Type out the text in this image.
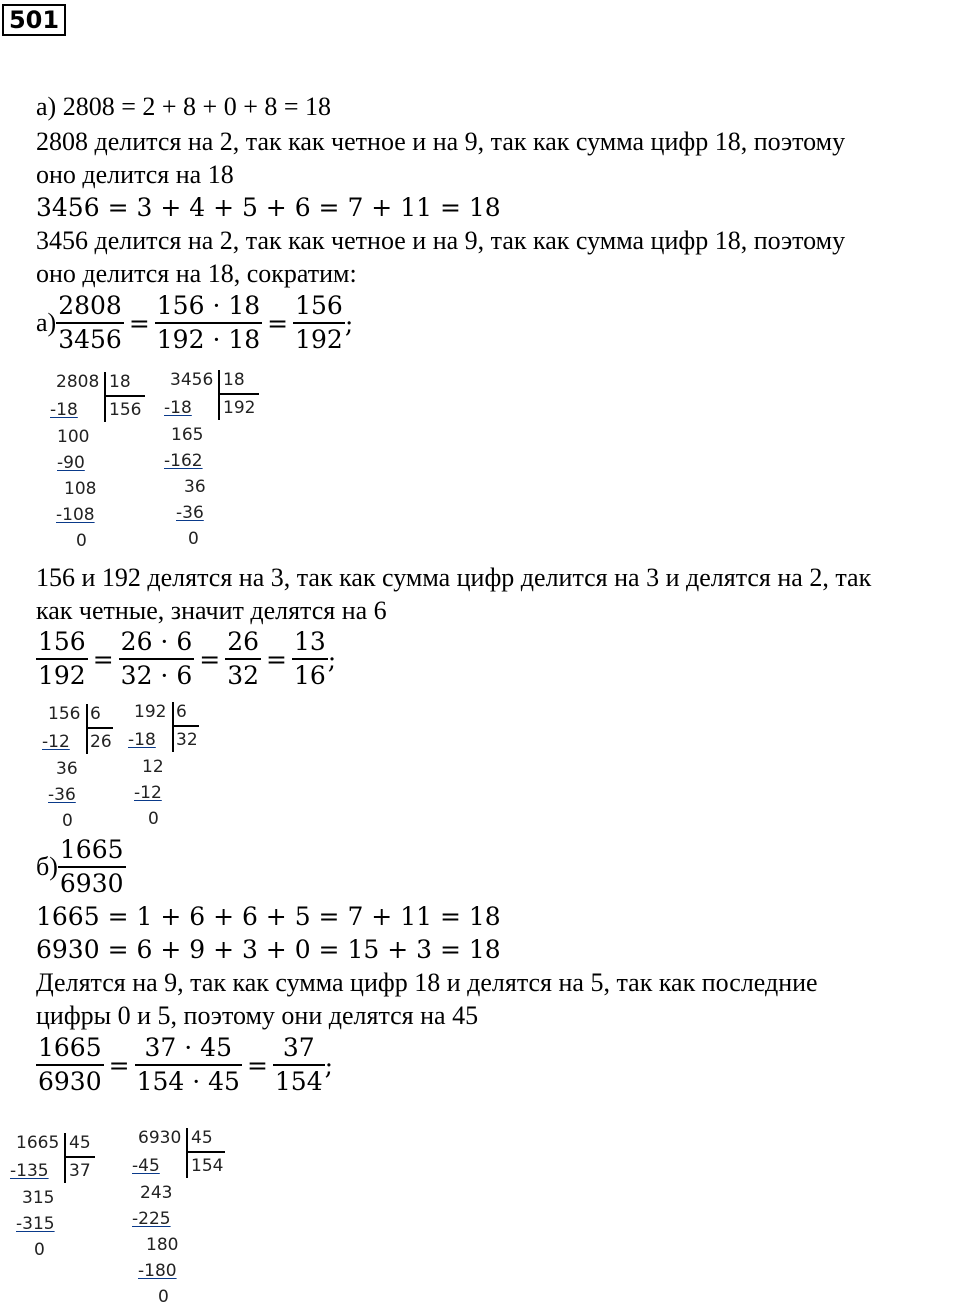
501
а) 2808 = 2 + 8 + 0 + 8 = 18
2808 делится на 2, так как четное и на 9, так как сумма цифр 18, поэтому
оно делится на 18
3456 = 3 + 4 + 5 + 6 = 7 + 11 = 18
3456 делится на 2, так как четное и на 9, так как сумма цифр 18, поэтому
оно делится на 18, сократим:
$а) \frac{2808}{3456} = \frac{156 \cdot 18}{192 \cdot 18} = \frac{156}{192}$ ;
2808 18
156
-18
100
-90
108
-108
0
3456 18
192
-18
165
-162
36
-36
0
156 и 192 делятся на 3, так как сумма цифр делится на 3 и делятся на 2, так
как четные, значит делятся на 6
$\frac{156}{192} = \frac{26 \cdot 6}{32 \cdot 6} = \frac{26}{32} = \frac{13}{16}$ ;
156 6
26
-12
36
-36
0
192 6
32
-18
12
-12
0
$б) \frac{1665}{6930}$
1665 = 1 + 6 + 6 + 5 = 7 + 11 = 18
6930 = 6 + 9 + 3 + 0 = 15 + 3 = 18
Делятся на 9, так как сумма цифр 18 и делятся на 5, так как последние
цифры 0 и 5, поэтому они делятся на 45
$\frac{1665}{6930} = \frac{37 \cdot 45}{154 \cdot 45} = \frac{37}{154}$ ;
1665 45
37
-135
315
-315
0
6930 45
154
-45
243
-225
180
-180
0
